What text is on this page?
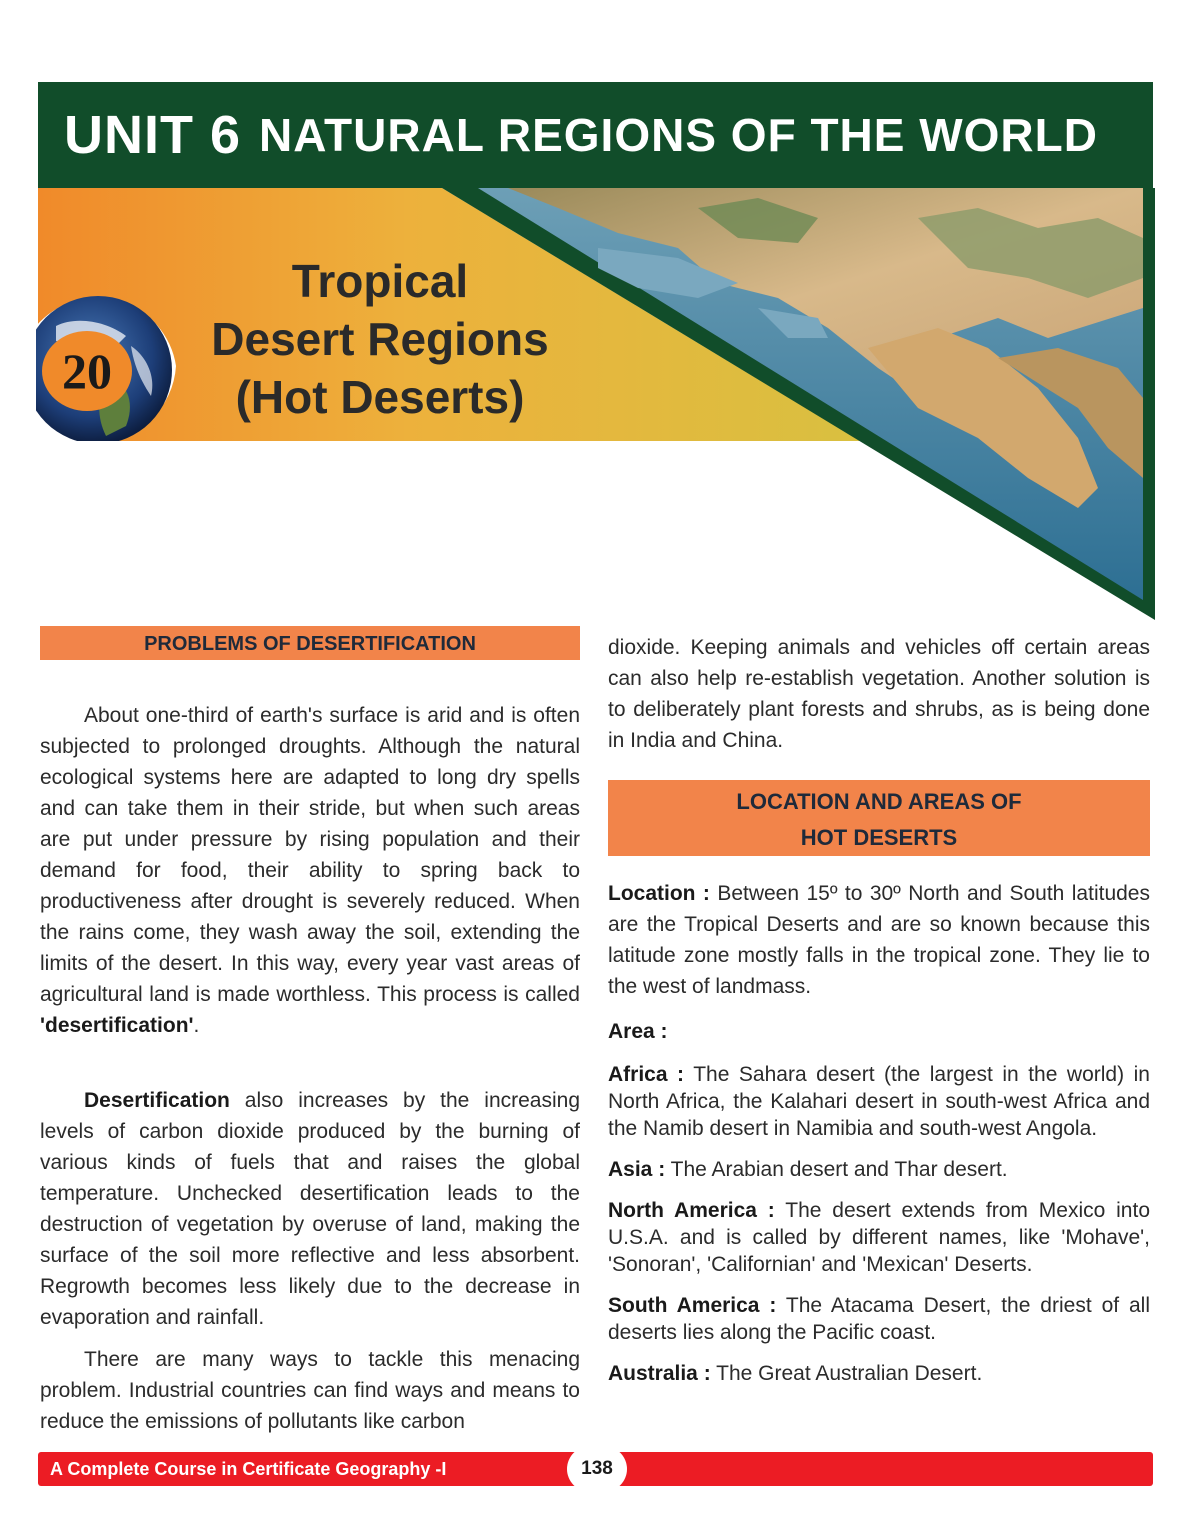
UNIT 6 NATURAL REGIONS OF THE WORLD
20
Tropical
Desert Regions
(Hot Deserts)
PROBLEMS OF DESERTIFICATION

About one-third of earth's surface is arid and is often subjected to prolonged droughts. Although the natural ecological systems here are adapted to long dry spells and can take them in their stride, but when such areas are put under pressure by rising population and their demand for food, their ability to spring back to productiveness after drought is severely reduced. When the rains come, they wash away the soil, extending the limits of the desert. In this way, every year vast areas of agricultural land is made worthless. This process is called 'desertification'.

Desertification also increases by the increasing levels of carbon dioxide produced by the burning of various kinds of fuels that and raises the global temperature. Unchecked desertification leads to the destruction of vegetation by overuse of land, making the surface of the soil more reflective and less absorbent. Regrowth becomes less likely due to the decrease in evaporation and rainfall.

There are many ways to tackle this menacing problem. Industrial countries can find ways and means to reduce the emissions of pollutants like carbon

dioxide. Keeping animals and vehicles off certain areas can also help re-establish vegetation. Another solution is to deliberately plant forests and shrubs, as is being done in India and China.

LOCATION AND AREAS OF
HOT DESERTS

Location : Between 15º to 30º North and South latitudes are the Tropical Deserts and are so known because this latitude zone mostly falls in the tropical zone. They lie to the west of landmass.

Area :

Africa : The Sahara desert (the largest in the world) in North Africa, the Kalahari desert in south-west Africa and the Namib desert in Namibia and south-west Angola.

Asia : The Arabian desert and Thar desert.

North America : The desert extends from Mexico into U.S.A. and is called by different names, like 'Mohave', 'Sonoran', 'Californian' and 'Mexican' Deserts.

South America : The Atacama Desert, the driest of all deserts lies along the Pacific coast.

Australia : The Great Australian Desert.

A Complete Course in Certificate Geography -I	138
